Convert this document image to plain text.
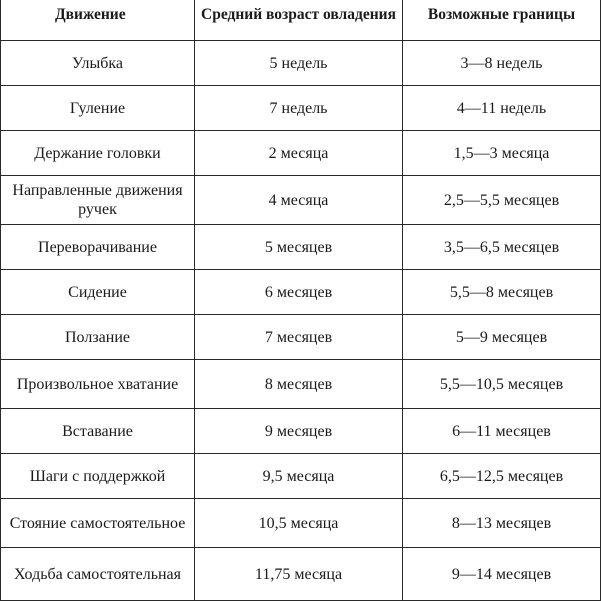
Движение	Средний возраст овладения	Возможные границы
Улыбка	5 недель	3—8 недель
Гуление	7 недель	4—11 недель
Держание головки	2 месяца	1,5—3 месяца
Направленные движения ручек	4 месяца	2,5—5,5 месяцев
Переворачивание	5 месяцев	3,5—6,5 месяцев
Сидение	6 месяцев	5,5—8 месяцев
Ползание	7 месяцев	5—9 месяцев
Произвольное хватание	8 месяцев	5,5—10,5 месяцев
Вставание	9 месяцев	6—11 месяцев
Шаги с поддержкой	9,5 месяца	6,5—12,5 месяцев
Стояние самостоятельное	10,5 месяца	8—13 месяцев
Ходьба самостоятельная	11,75 месяца	9—14 месяцев
